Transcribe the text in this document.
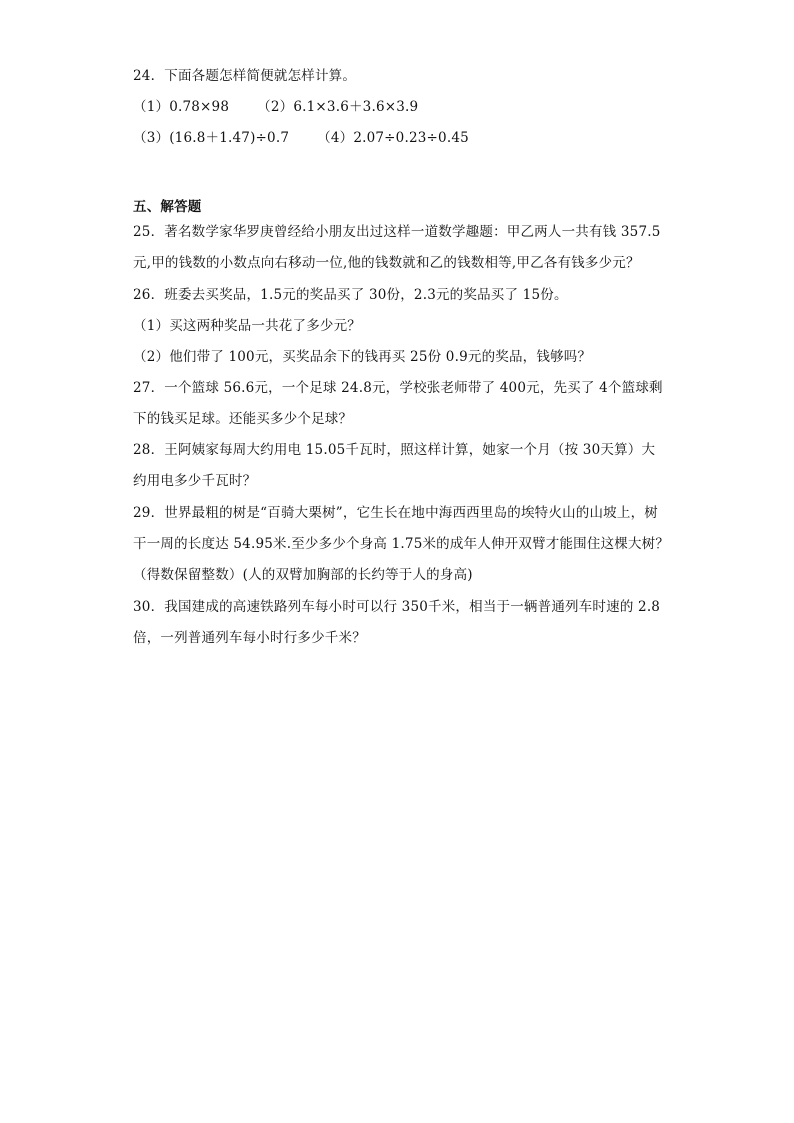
24．下面各题怎样简便就怎样计算。
（1）0.78×98 （2）6.1×3.6＋3.6×3.9
（3）(16.8＋1.47)÷0.7 （4）2.07÷0.23÷0.45
五、解答题
25．著名数学家华罗庚曾经给小朋友出过这样一道数学趣题：甲乙两人一共有钱 357.5
元,甲的钱数的小数点向右移动一位,他的钱数就和乙的钱数相等,甲乙各有钱多少元？
26．班委去买奖品，1.5元的奖品买了 30份，2.3元的奖品买了 15份。
（1）买这两种奖品一共花了多少元？
（2）他们带了 100元，买奖品余下的钱再买 25份 0.9元的奖品，钱够吗？
27．一个篮球 56.6元，一个足球 24.8元，学校张老师带了 400元，先买了 4个篮球剩
下的钱买足球。还能买多少个足球？
28．王阿姨家每周大约用电 15.05千瓦时，照这样计算，她家一个月（按 30天算）大
约用电多少千瓦时？
29．世界最粗的树是“百骑大栗树”，它生长在地中海西西里岛的埃特火山的山坡上，树
干一周的长度达 54.95米.至少多少个身高 1.75米的成年人伸开双臂才能围住这棵大树？
（得数保留整数）(人的双臂加胸部的长约等于人的身高)
30．我国建成的高速铁路列车每小时可以行 350千米，相当于一辆普通列车时速的 2.8
倍，一列普通列车每小时行多少千米？
